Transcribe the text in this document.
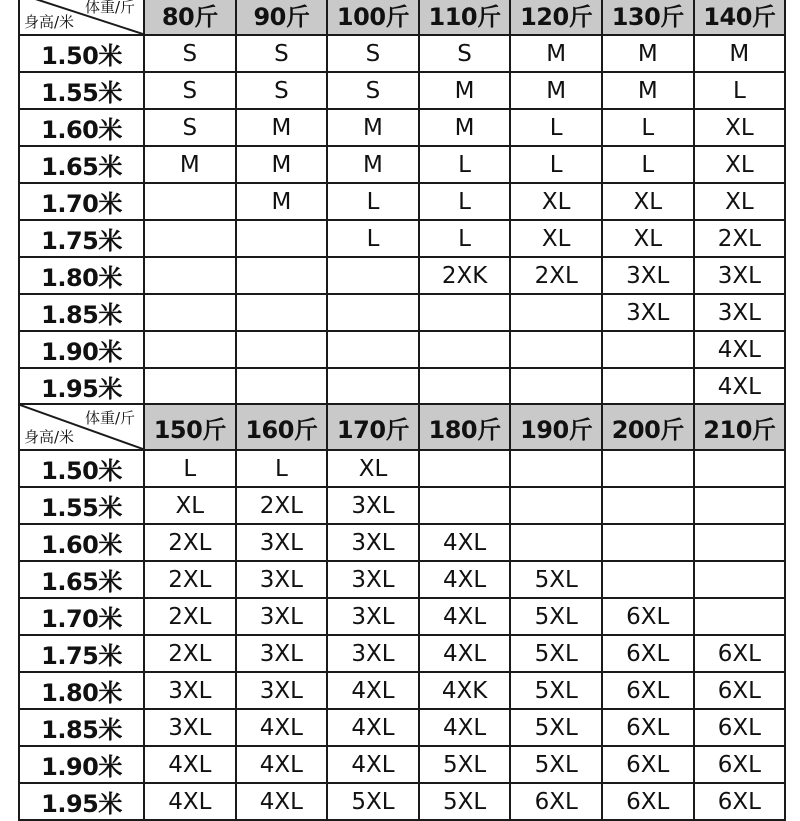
体重/斤
身高/米	80斤	90斤	100斤	110斤	120斤	130斤	140斤
1.50米	S	S	S	S	M	M	M
1.55米	S	S	S	M	M	M	L
1.60米	S	M	M	M	L	L	XL
1.65米	M	M	M	L	L	L	XL
1.70米		M	L	L	XL	XL	XL
1.75米			L	L	XL	XL	2XL
1.80米				2XK	2XL	3XL	3XL
1.85米						3XL	3XL
1.90米							4XL
1.95米							4XL
体重/斤
身高/米	150斤	160斤	170斤	180斤	190斤	200斤	210斤
1.50米	L	L	XL				
1.55米	XL	2XL	3XL				
1.60米	2XL	3XL	3XL	4XL			
1.65米	2XL	3XL	3XL	4XL	5XL		
1.70米	2XL	3XL	3XL	4XL	5XL	6XL	
1.75米	2XL	3XL	3XL	4XL	5XL	6XL	6XL
1.80米	3XL	3XL	4XL	4XK	5XL	6XL	6XL
1.85米	3XL	4XL	4XL	4XL	5XL	6XL	6XL
1.90米	4XL	4XL	4XL	5XL	5XL	6XL	6XL
1.95米	4XL	4XL	5XL	5XL	6XL	6XL	6XL
